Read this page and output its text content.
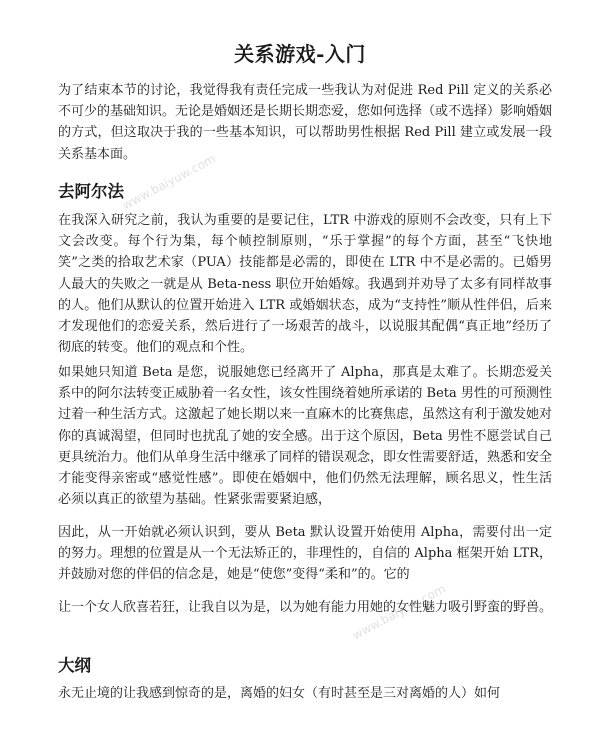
关系游戏-入门

为了结束本节的讨论，我觉得我有责任完成一些我认为对促进 Red Pill 定义的关系必不可少的基础知识。无论是婚姻还是长期长期恋爱，您如何选择（或不选择）影响婚姻的方式，但这取决于我的一些基本知识，可以帮助男性根据 Red Pill 建立或发展一段关系基本面。

去阿尔法

在我深入研究之前，我认为重要的是要记住，LTR 中游戏的原则不会改变，只有上下文会改变。每个行为集，每个帧控制原则，“乐于掌握”的每个方面，甚至“飞快地笑”之类的拾取艺术家（PUA）技能都是必需的，即使在 LTR 中不是必需的。已婚男人最大的失败之一就是从 Beta-ness 职位开始婚嫁。我遇到并劝导了太多有同样故事的人。他们从默认的位置开始进入 LTR 或婚姻状态，成为“支持性”顺从性伴侣，后来才发现他们的恋爱关系，然后进行了一场艰苦的战斗，以说服其配偶“真正地”经历了彻底的转变。他们的观点和个性。

如果她只知道 Beta 是您，说服她您已经离开了 Alpha，那真是太难了。长期恋爱关系中的阿尔法转变正威胁着一名女性，该女性围绕着她所承诺的 Beta 男性的可预测性过着一种生活方式。这激起了她长期以来一直麻木的比赛焦虑，虽然这有利于激发她对你的真诚渴望，但同时也扰乱了她的安全感。出于这个原因，Beta 男性不愿尝试自己更具统治力。他们从单身生活中继承了同样的错误观念，即女性需要舒适，熟悉和安全才能变得亲密或“感觉性感”。即使在婚姻中，他们仍然无法理解，顾名思义，性生活必须以真正的欲望为基础。性紧张需要紧迫感，

因此，从一开始就必须认识到，要从 Beta 默认设置开始使用 Alpha，需要付出一定的努力。理想的位置是从一个无法矫正的，非理性的，自信的 Alpha 框架开始 LTR，并鼓励对您的伴侣的信念是，她是“使您”变得“柔和”的。它的

让一个女人欣喜若狂，让我自以为是，以为她有能力用她的女性魅力吸引野蛮的野兽。

大纲

永无止境的让我感到惊奇的是，离婚的妇女（有时甚至是三对离婚的人）如何

www.baiyuw.com
www.baiyuw.com
